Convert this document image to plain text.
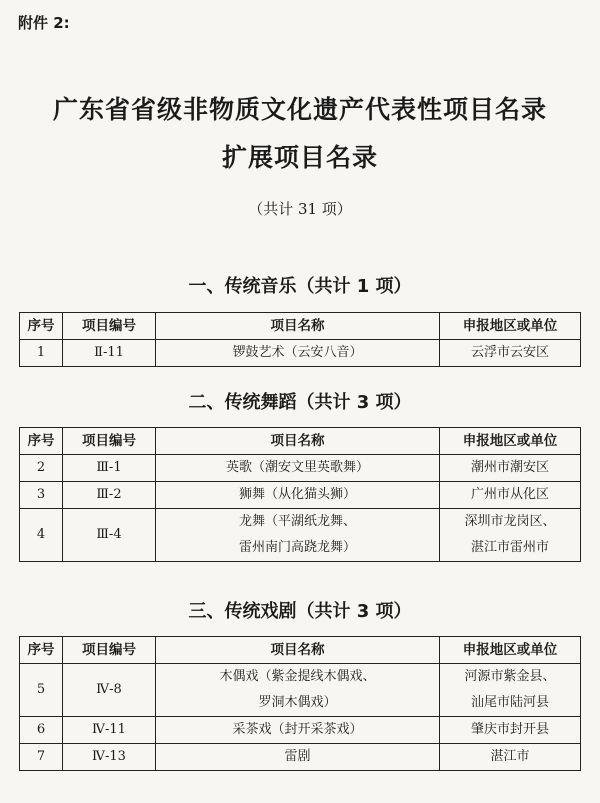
附件 2:
广东省省级非物质文化遗产代表性项目名录
扩展项目名录
（共计 31 项）
一、传统音乐（共计 1 项）
序号	项目编号	项目名称	申报地区或单位
1	Ⅱ-11	锣鼓艺术（云安八音）	云浮市云安区
二、传统舞蹈（共计 3 项）
序号	项目编号	项目名称	申报地区或单位
2	Ⅲ-1	英歌（潮安文里英歌舞）	潮州市潮安区
3	Ⅲ-2	狮舞（从化猫头狮）	广州市从化区
4	Ⅲ-4	龙舞（平湖纸龙舞、
雷州南门高跷龙舞）	深圳市龙岗区、
湛江市雷州市
三、传统戏剧（共计 3 项）
序号	项目编号	项目名称	申报地区或单位
5	Ⅳ-8	木偶戏（紫金提线木偶戏、
罗洞木偶戏）	河源市紫金县、
汕尾市陆河县

6	Ⅳ-11	采茶戏（封开采茶戏）	肇庆市封开县
7	Ⅳ-13	雷剧	湛江市
